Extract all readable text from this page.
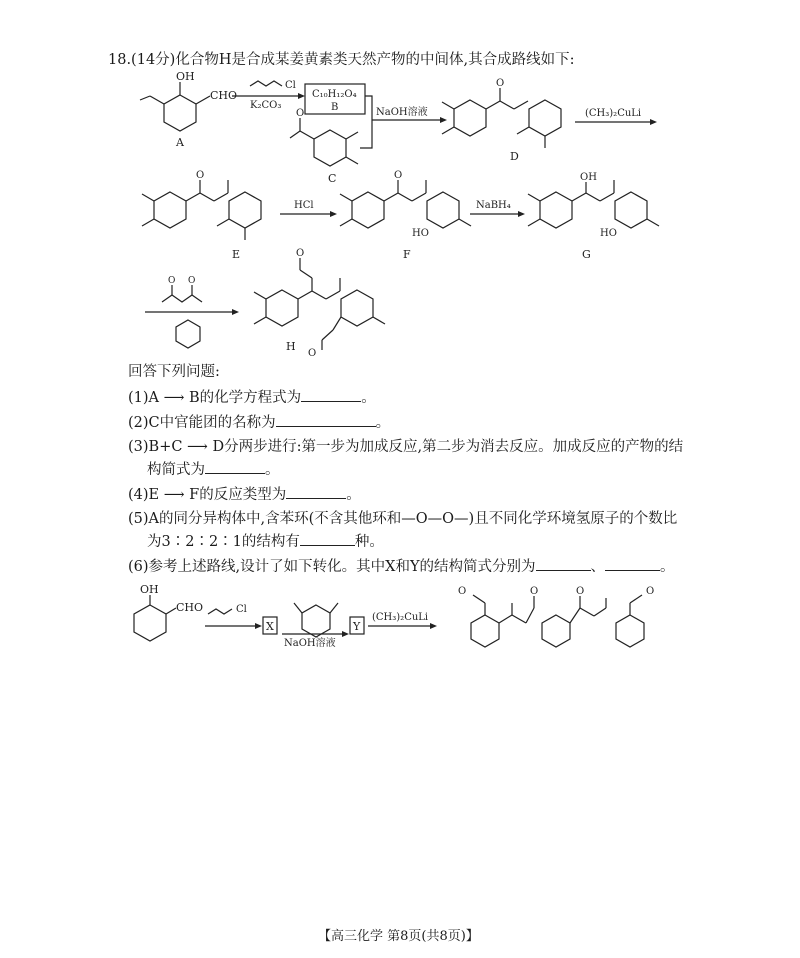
18.(14分)化合物H是合成某姜黄素类天然产物的中间体,其合成路线如下:
OH
CHO
A
Cl
K₂CO₃
C₁₀H₁₂O₄
B	NaOH溶液
O
C
O
D
(CH₃)₂CuLi
O
E
HCl
O
HO
F
NaBH₄
OH
HO
G
O O
O
O
H
OH
CHO	Cl
X
NaOH溶液
Y
(CH₃)₂CuLi
O	O
O	O
回答下列问题:
(1)A ⟶ B的化学方程式为	。
(2)C中官能团的名称为	。
(3)B+C ⟶ D分两步进行:第一步为加成反应,第二步为消去反应。加成反应的产物的结
构简式为	。
(4)E ⟶ F的反应类型为	。
(5)A的同分异构体中,含苯环(不含其他环和—O—O—)且不同化学环境氢原子的个数比
为3∶2∶2∶1的结构有	种。
(6)参考上述路线,设计了如下转化。其中X和Y的结构简式分别为	、	。
【高三化学 第8页(共8页)】
